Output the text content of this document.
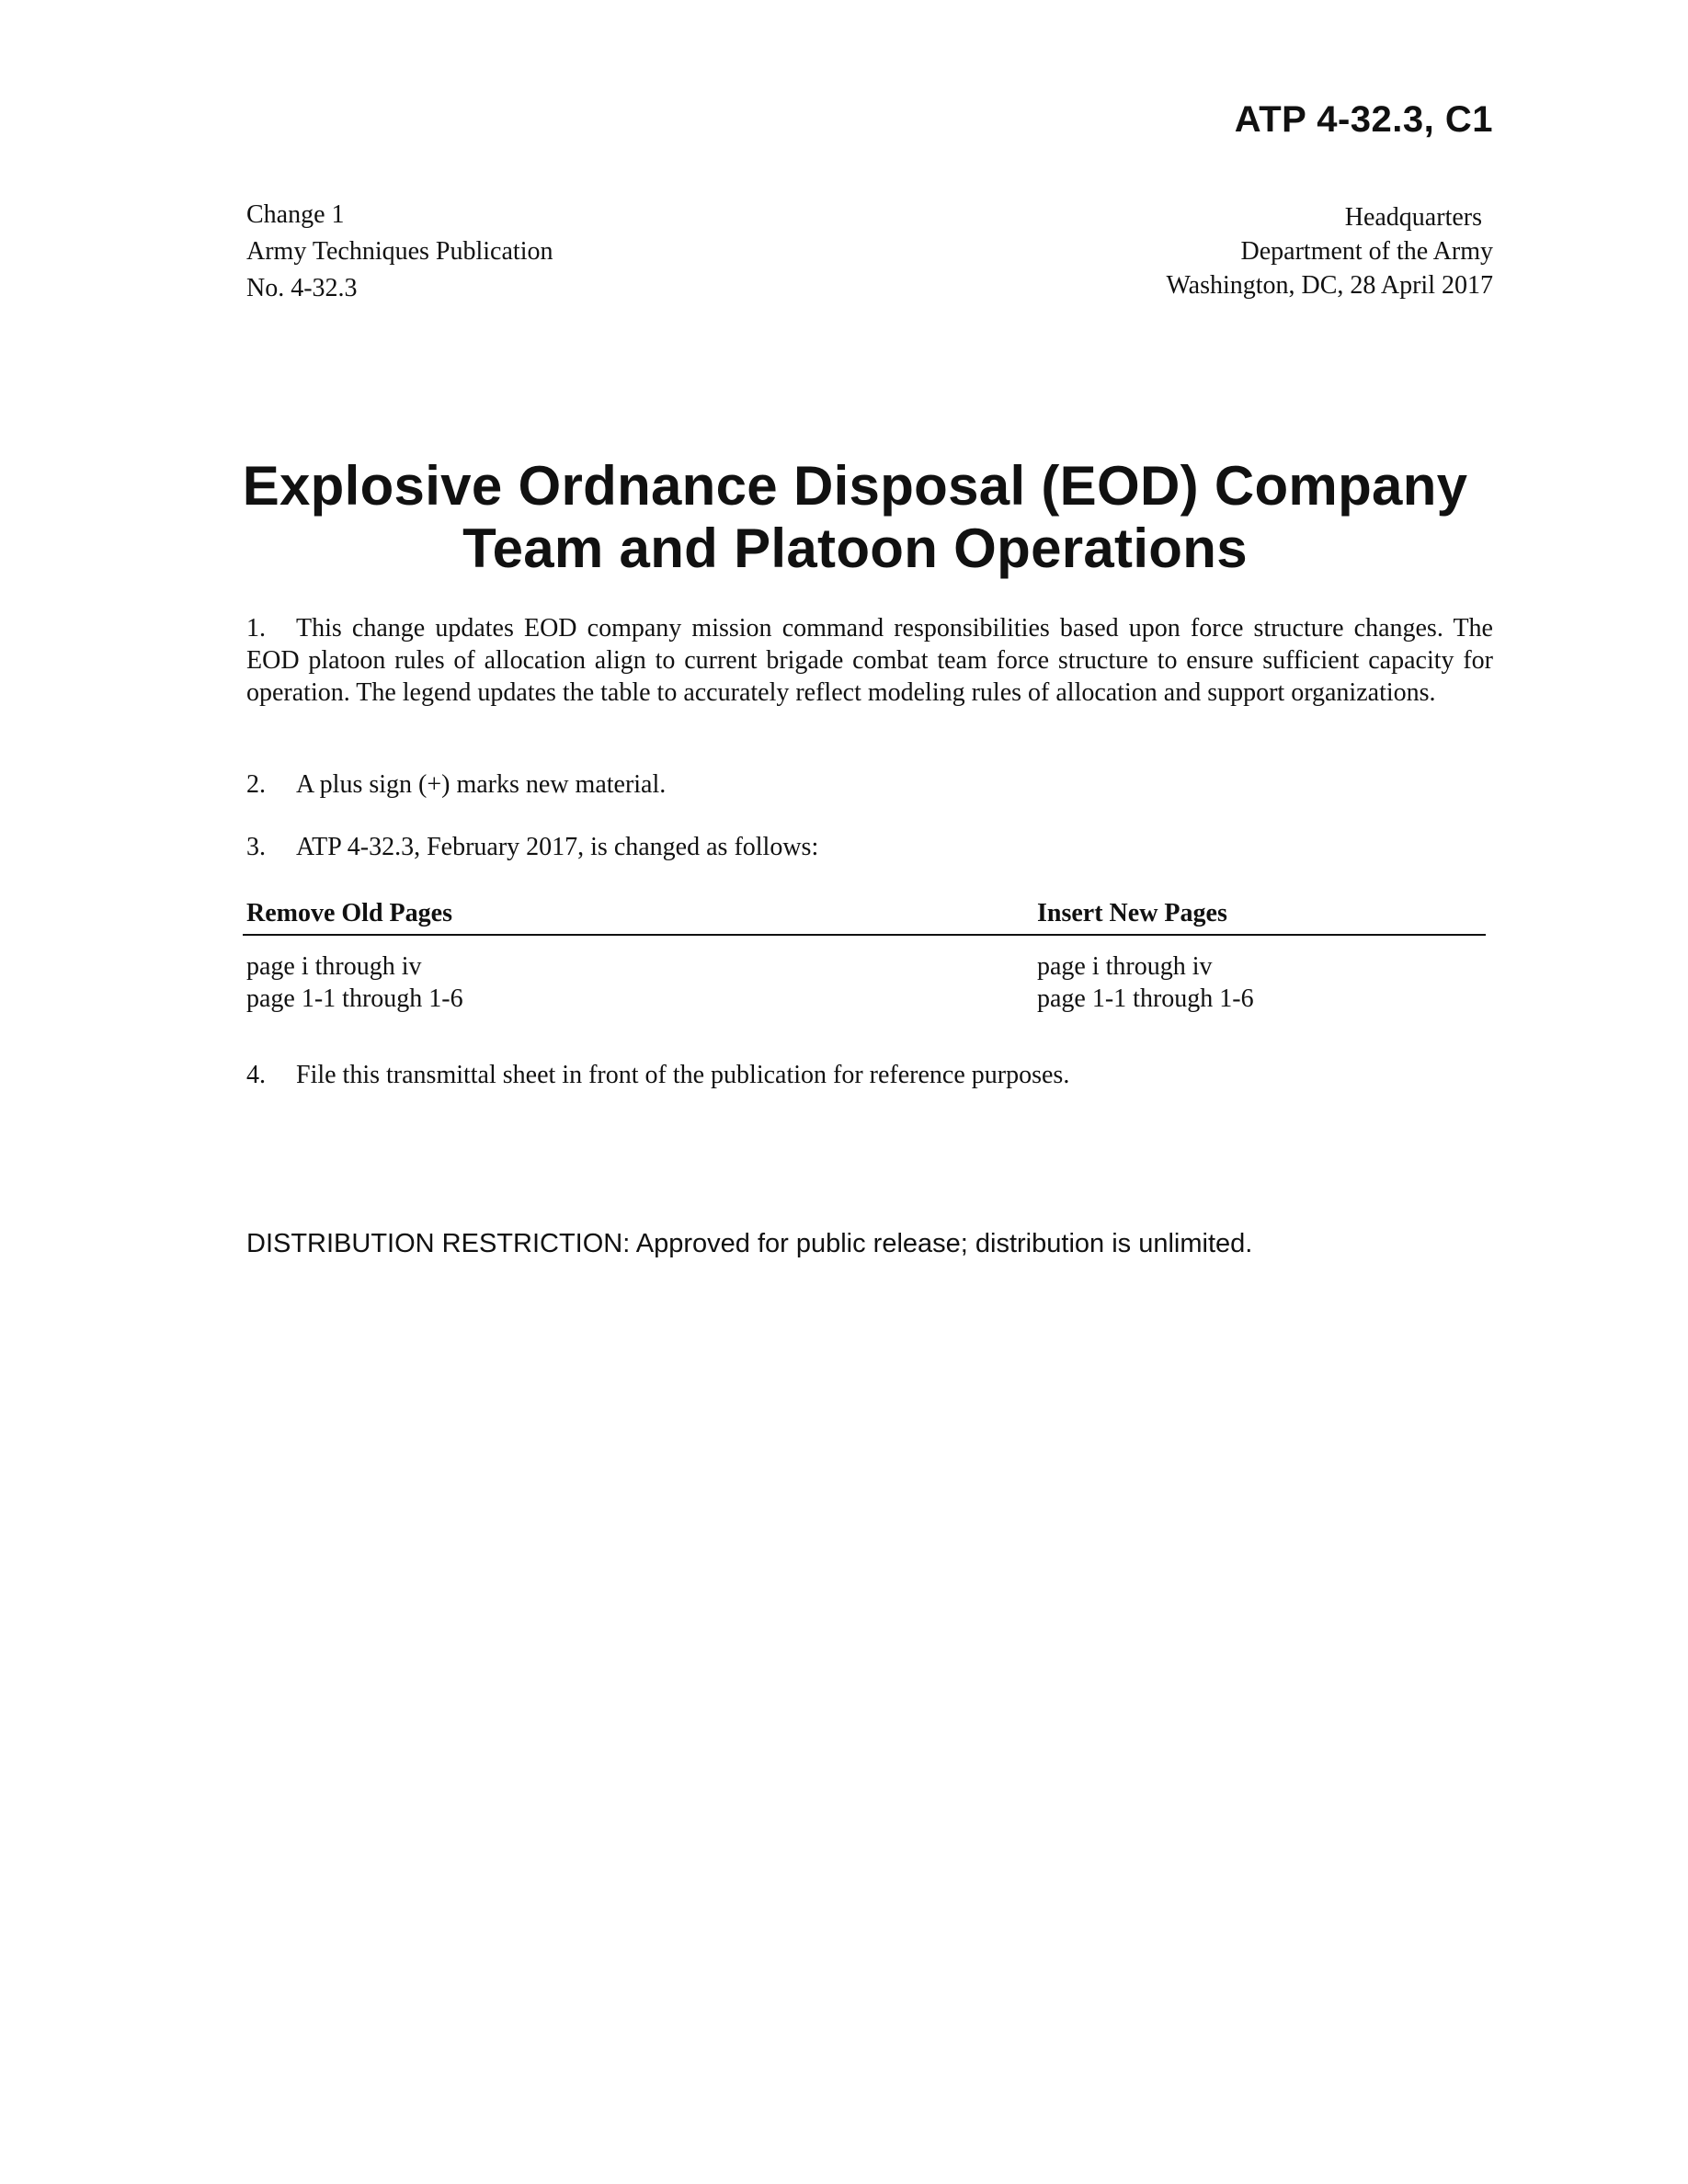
ATP 4-32.3, C1
Change 1
Army Techniques Publication
No. 4-32.3
Headquarters
Department of the Army
Washington, DC, 28 April 2017
Explosive Ordnance Disposal (EOD) Company
Team and Platoon Operations
1. This change updates EOD company mission command responsibilities based upon force structure changes. The EOD platoon rules of allocation align to current brigade combat team force structure to ensure sufficient capacity for operation. The legend updates the table to accurately reflect modeling rules of allocation and support organizations.
2. A plus sign (+) marks new material.
3. ATP 4-32.3, February 2017, is changed as follows:
Remove Old Pages	Insert New Pages
page i through iv	page i through iv
page 1-1 through 1-6	page 1-1 through 1-6
4. File this transmittal sheet in front of the publication for reference purposes.
DISTRIBUTION RESTRICTION: Approved for public release; distribution is unlimited.
